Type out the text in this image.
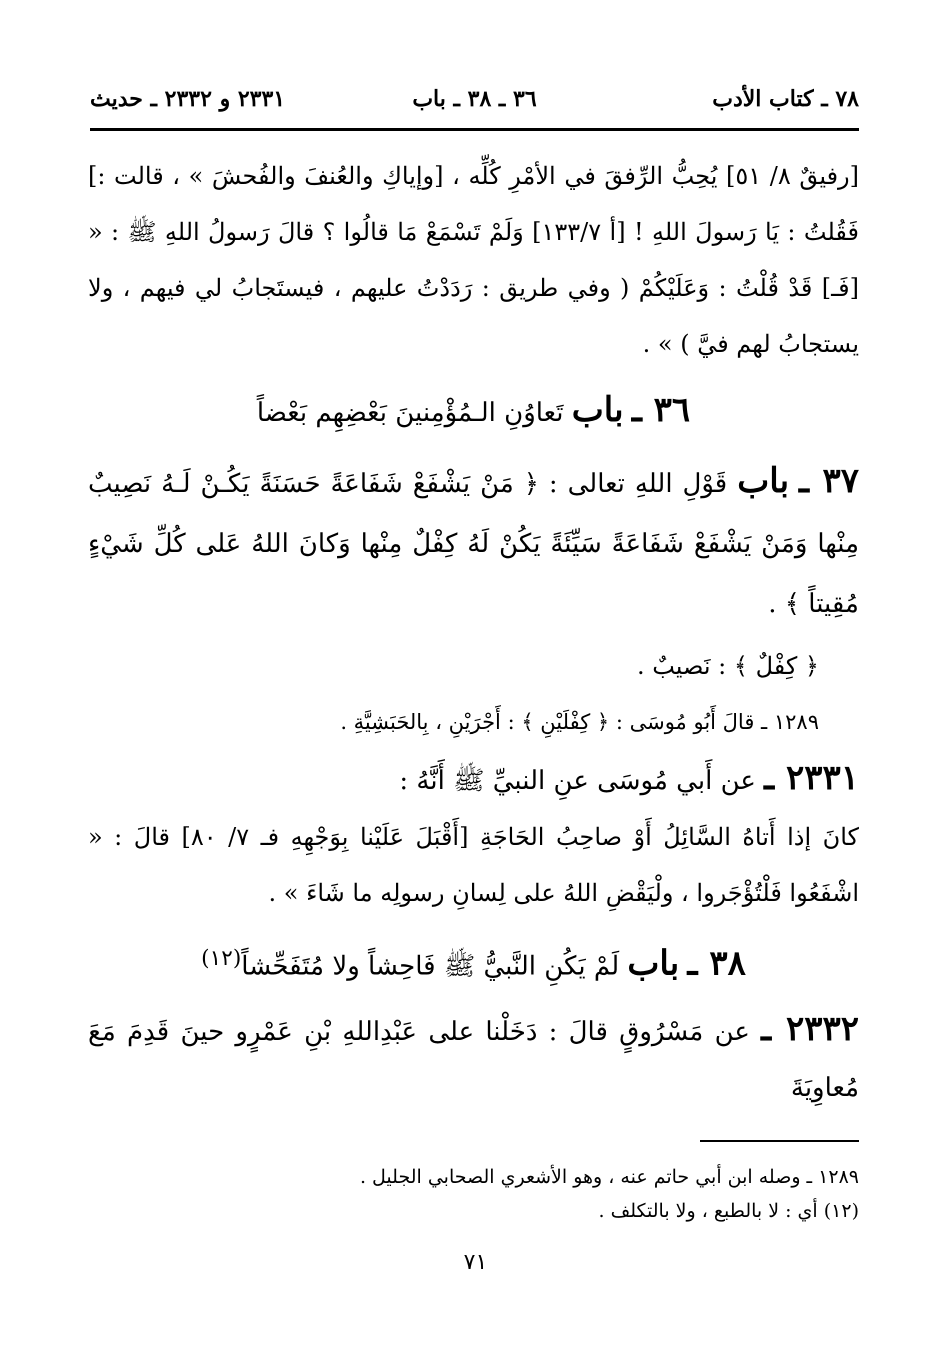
٧٨ ـ كتاب الأدب
٣٦ ـ ٣٨ ـ باب
٢٣٣١ و ٢٣٣٢ ـ حديث

[رفيقٌ ٨/ ٥١] يُحِبُّ الرِّفقَ في الأمْرِ كُلِّه ، [وإياكِ والعُنفَ والفُحشَ » ، قالت :] فَقُلتُ : يَا رَسولَ اللهِ ! [أ ١٣٣/٧] وَلَمْ تَسْمَعْ مَا قالُوا ؟ قالَ رَسولُ اللهِ ﷺ : « [فَـ] قَدْ قُلْتُ : وَعَلَيْكُمْ ( وفي طريق : رَدَدْتُ عليهم ، فيستَجابُ لي فيهم ، ولا يستجابُ لهم فيَّ ) » .

٣٦ ـ باب تَعاوُنِ الـمُؤْمِنينَ بَعْضِهِم بَعْضاً

٣٧ ـ باب قَوْلِ اللهِ تعالى : ﴿ مَنْ يَشْفَعْ شَفَاعَةً حَسَنَةً يَكُـنْ لَـهُ نَصِيبٌ مِنْها وَمَنْ يَشْفَعْ شَفَاعَةً سَيِّئَةً يَكُنْ لَهُ كِفْلٌ مِنْها وَكانَ اللهُ عَلى كُلِّ شَيْءٍ مُقِيتاً ﴾ .

﴿ كِفْلٌ ﴾ : نَصيبٌ .

١٢٨٩ ـ قالَ أَبُو مُوسَى : ﴿ كِفْلَيْنِ ﴾ : أَجْرَيْنِ ، بِالحَبَشِيَّةِ .

٢٣٣١ ـ عن أَبي مُوسَى عنِ النبيِّ ﷺ أَنَّهُ :

كانَ إذا أَتاهُ السَّائِلُ أَوْ صاحِبُ الحَاجَةِ [أَقْبَلَ عَلَيْنا بِوَجْهِهِ فـ ٧/ ٨٠] قالَ : « اشْفَعُوا فَلْتُؤْجَروا ، ولْيَقْضِ اللهُ على لِسانِ رسولِه ما شَاءَ » .

٣٨ ـ باب لَمْ يَكُنِ النَّبيُّ ﷺ فَاحِشاً ولا مُتَفَحِّشاً$^{(١٢)}$

٢٣٣٢ ـ عن مَسْرُوقٍ قالَ : دَخَلْنا على عَبْدِاللهِ بْنِ عَمْرٍو حينَ قَدِمَ مَعَ مُعاوِيَةَ

١٢٨٩ ـ وصله ابن أبي حاتم عنه ، وهو الأشعري الصحابي الجليل .
(١٢) أي : لا بالطبع ، ولا بالتكلف .
٧١
